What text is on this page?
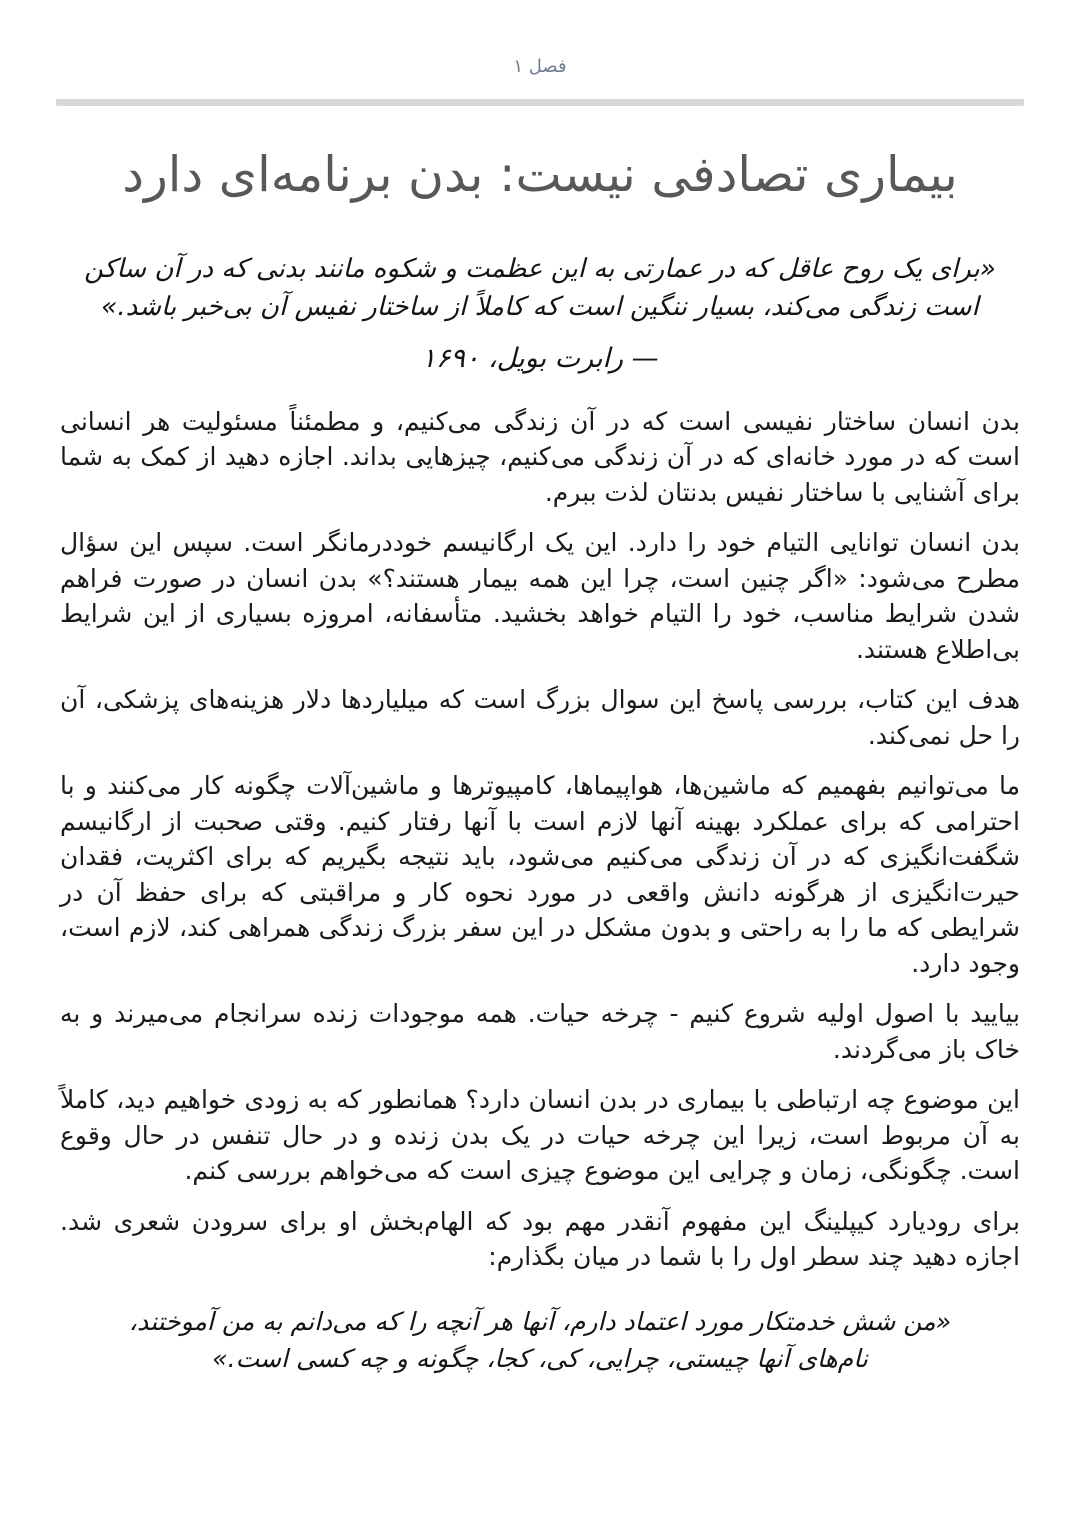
فصل ۱
بیماری تصادفی نیست: بدن برنامه‌ای دارد
«برای یک روح عاقل که در عمارتی به این عظمت و شکوه مانند بدنی که در آن ساکن است زندگی می‌کند، بسیار ننگین است که کاملاً از ساختار نفیس آن بی‌خبر باشد.»
— رابرت بویل، ۱۶۹۰

بدن انسان ساختار نفیسی است که در آن زندگی می‌کنیم، و مطمئناً مسئولیت هر انسانی است که در مورد خانه‌ای که در آن زندگی می‌کنیم، چیزهایی بداند. اجازه دهید از کمک به شما برای آشنایی با ساختار نفیس بدنتان لذت ببرم.

بدن انسان توانایی التیام خود را دارد. این یک ارگانیسم خوددرمانگر است. سپس این سؤال مطرح می‌شود: «اگر چنین است، چرا این همه بیمار هستند؟» بدن انسان در صورت فراهم شدن شرایط مناسب، خود را التیام خواهد بخشید. متأسفانه، امروزه بسیاری از این شرایط بی‌اطلاع هستند.

هدف این کتاب، بررسی پاسخ این سوال بزرگ است که میلیاردها دلار هزینه‌های پزشکی، آن را حل نمی‌کند.

ما می‌توانیم بفهمیم که ماشین‌ها، هواپیماها، کامپیوترها و ماشین‌آلات چگونه کار می‌کنند و با احترامی که برای عملکرد بهینه آنها لازم است با آنها رفتار کنیم. وقتی صحبت از ارگانیسم شگفت‌انگیزی که در آن زندگی می‌کنیم می‌شود، باید نتیجه بگیریم که برای اکثریت، فقدان حیرت‌انگیزی از هرگونه دانش واقعی در مورد نحوه کار و مراقبتی که برای حفظ آن در شرایطی که ما را به راحتی و بدون مشکل در این سفر بزرگ زندگی همراهی کند، لازم است، وجود دارد.

بیایید با اصول اولیه شروع کنیم - چرخه حیات. همه موجودات زنده سرانجام می‌میرند و به خاک باز می‌گردند.

این موضوع چه ارتباطی با بیماری در بدن انسان دارد؟ همانطور که به زودی خواهیم دید، کاملاً به آن مربوط است، زیرا این چرخه حیات در یک بدن زنده و در حال تنفس در حال وقوع است. چگونگی، زمان و چرایی این موضوع چیزی است که می‌خواهم بررسی کنم.

برای رودیارد کیپلینگ این مفهوم آنقدر مهم بود که الهام‌بخش او برای سرودن شعری شد. اجازه دهید چند سطر اول را با شما در میان بگذارم:

«من شش خدمتکار مورد اعتماد دارم، آنها هر آنچه را که می‌دانم به من آموختند،
نام‌های آنها چیستی، چرایی، کی، کجا، چگونه و چه کسی است.»
